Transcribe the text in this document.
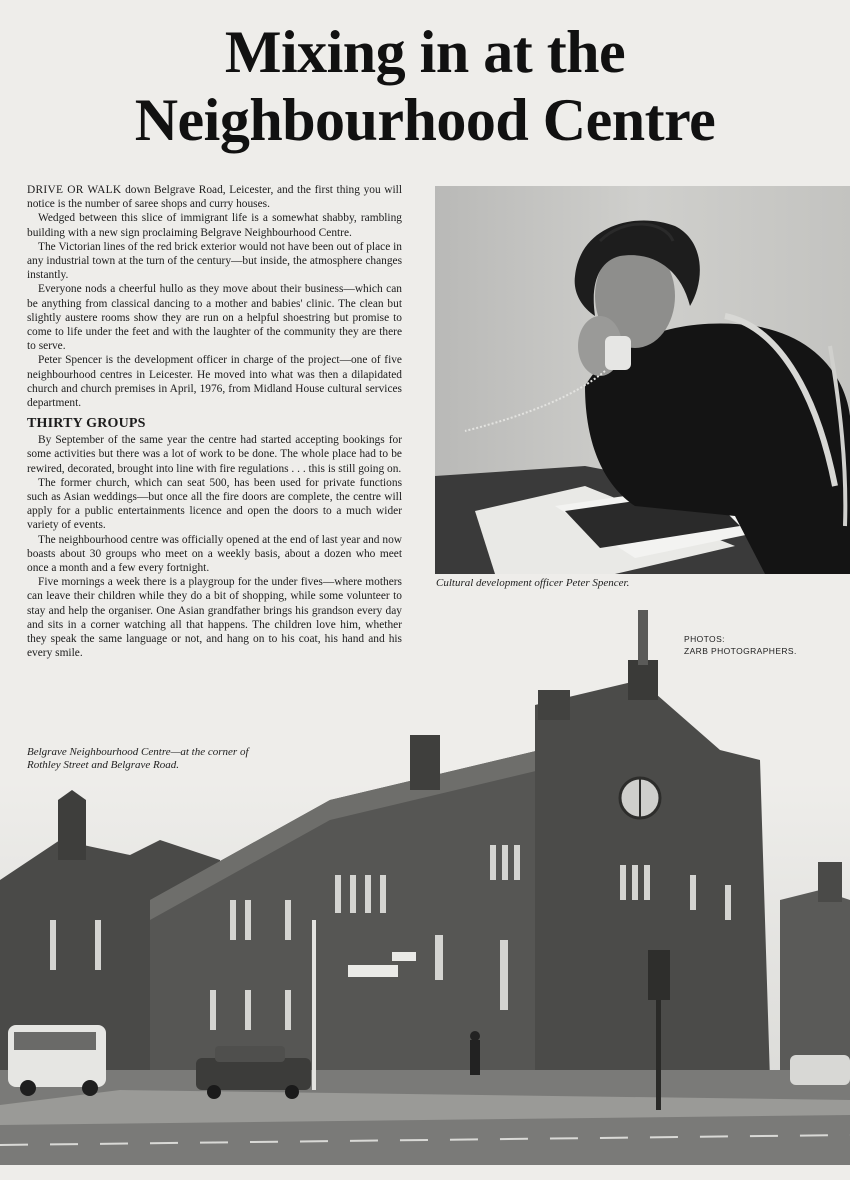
Mixing in at the
Neighbourhood Centre

DRIVE OR WALK down Belgrave Road, Leicester, and the first thing you will notice is the number of saree shops and curry houses.

Wedged between this slice of immigrant life is a somewhat shabby, rambling building with a new sign proclaiming Belgrave Neighbourhood Centre.

The Victorian lines of the red brick exterior would not have been out of place in any industrial town at the turn of the century—but inside, the atmosphere changes instantly.

Everyone nods a cheerful hullo as they move about their business—which can be anything from classical dancing to a mother and babies' clinic. The clean but slightly austere rooms show they are run on a helpful shoestring but promise to come to life under the feet and with the laughter of the community they are there to serve.

Peter Spencer is the development officer in charge of the project—one of five neighbourhood centres in Leicester. He moved into what was then a dilapidated church and church premises in April, 1976, from Midland House cultural services department.

THIRTY GROUPS

By September of the same year the centre had started accepting bookings for some activities but there was a lot of work to be done. The whole place had to be rewired, decorated, brought into line with fire regulations . . . this is still going on.

The former church, which can seat 500, has been used for private functions such as Asian weddings—but once all the fire doors are complete, the centre will apply for a public entertainments licence and open the doors to a much wider variety of events.

The neighbourhood centre was officially opened at the end of last year and now boasts about 30 groups who meet on a weekly basis, about a dozen who meet once a month and a few every fortnight.

Five mornings a week there is a playgroup for the under fives—where mothers can leave their children while they do a bit of shopping, while some volunteer to stay and help the organiser. One Asian grandfather brings his grandson every day and sits in a corner watching all that happens. The children love him, whether they speak the same language or not, and hang on to his coat, his hand and his every smile.

Cultural development officer Peter Spencer.
PHOTOS:
ZARB PHOTOGRAPHERS.
Belgrave Neighbourhood Centre—at the corner of
Rothley Street and Belgrave Road.
